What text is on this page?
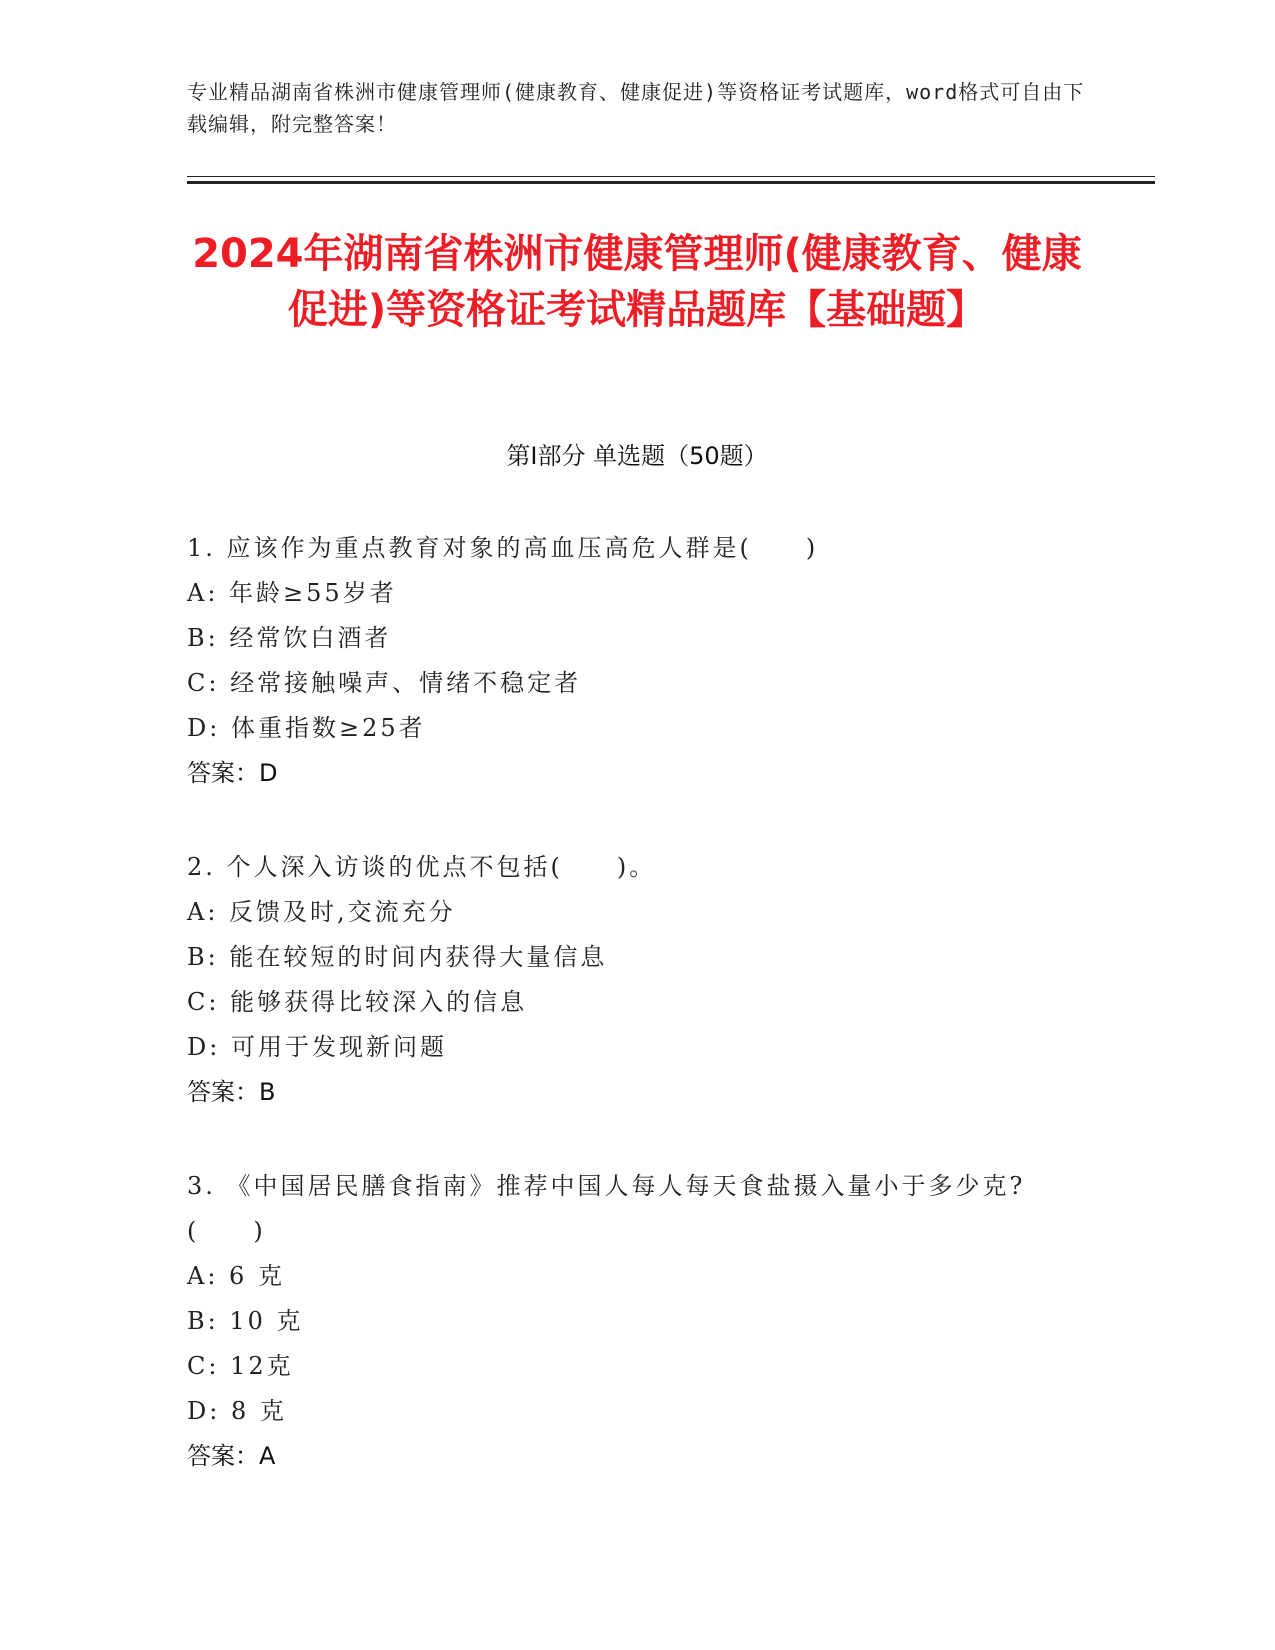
专业精品湖南省株洲市健康管理师(健康教育、健康促进)等资格证考试题库，word格式可自由下载编辑，附完整答案！
2024年湖南省株洲市健康管理师(健康教育、健康促进)等资格证考试精品题库【基础题】
第Ⅰ部分 单选题（50题）
1. 应该作为重点教育对象的高血压高危人群是(　　)
A: 年龄≥55岁者
B: 经常饮白酒者
C: 经常接触噪声、情绪不稳定者
D: 体重指数≥25者
答案：D
2. 个人深入访谈的优点不包括(　　)。
A: 反馈及时,交流充分
B: 能在较短的时间内获得大量信息
C: 能够获得比较深入的信息
D: 可用于发现新问题
答案：B
3. 《中国居民膳食指南》推荐中国人每人每天食盐摄入量小于多少克?(　　)
A: 6 克
B: 10 克
C: 12克
D: 8 克
答案：A
